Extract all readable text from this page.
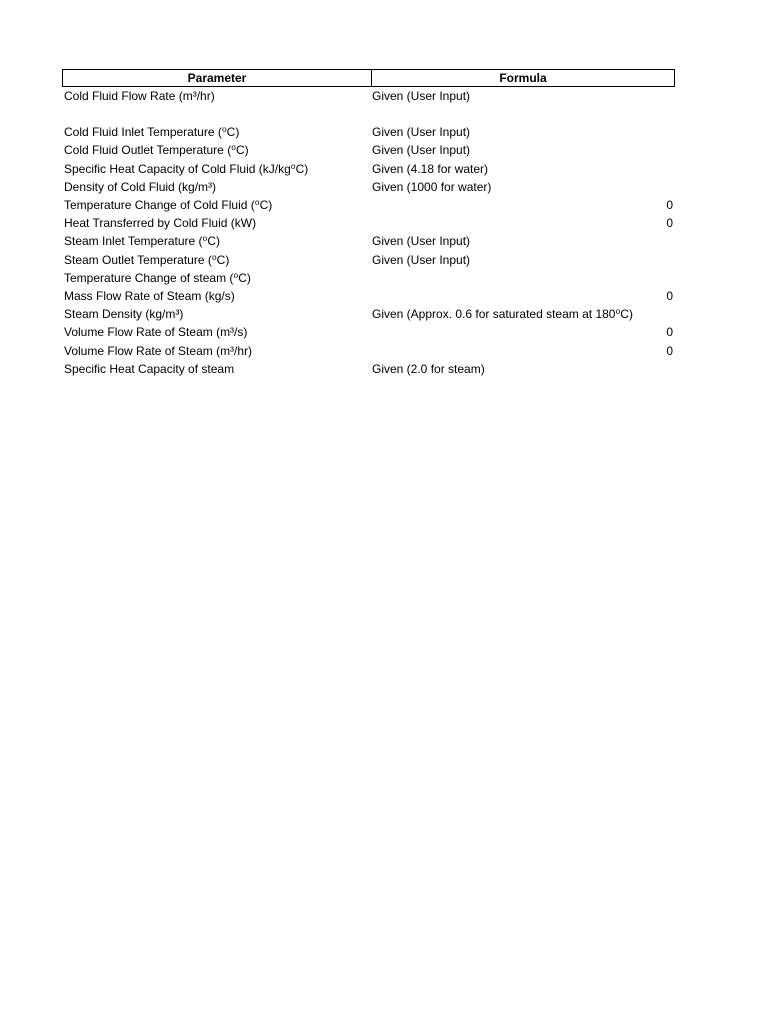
Parameter	Formula
Cold Fluid Flow Rate (m³/hr)	Given (User Input)
Cold Fluid Inlet Temperature (⁰C)	Given (User Input)
Cold Fluid Outlet Temperature (⁰C)	Given (User Input)
Specific Heat Capacity of Cold Fluid (kJ/kg⁰C)	Given (4.18 for water)
Density of Cold Fluid (kg/m³)	Given (1000 for water)
Temperature Change of Cold Fluid (⁰C)	0
Heat Transferred by Cold Fluid (kW)	0
Steam Inlet Temperature (⁰C)	Given (User Input)
Steam Outlet Temperature (⁰C)	Given (User Input)
Temperature Change of steam (⁰C)
Mass Flow Rate of Steam (kg/s)	0
Steam Density (kg/m³)	Given (Approx. 0.6 for saturated steam at 180⁰C)
Volume Flow Rate of Steam (m³/s)	0
Volume Flow Rate of Steam (m³/hr)	0
Specific Heat Capacity of steam	Given (2.0 for steam)
